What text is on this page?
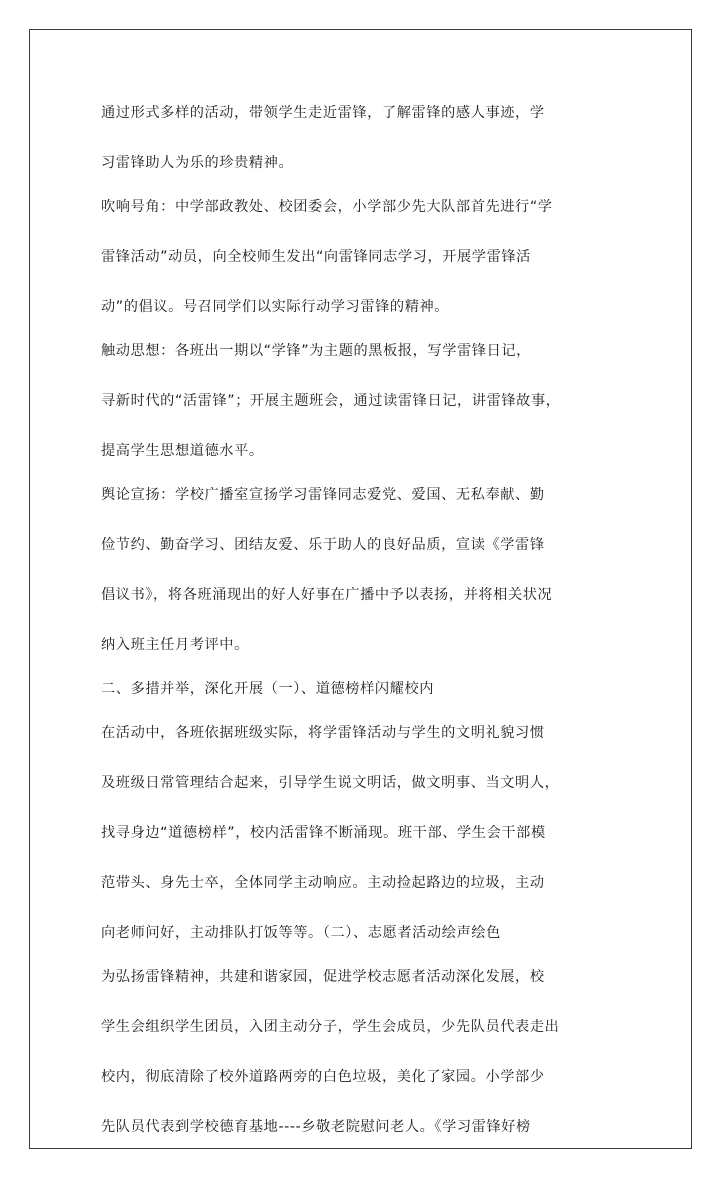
通过形式多样的活动，带领学生走近雷锋，了解雷锋的感人事迹，学
习雷锋助人为乐的珍贵精神。
吹响号角：中学部政教处、校团委会，小学部少先大队部首先进行“学
雷锋活动”动员，向全校师生发出“向雷锋同志学习，开展学雷锋活
动”的倡议。号召同学们以实际行动学习雷锋的精神。
触动思想：各班出一期以“学锋”为主题的黑板报，写学雷锋日记，
寻新时代的“活雷锋”；开展主题班会，通过读雷锋日记，讲雷锋故事，
提高学生思想道德水平。
舆论宣扬：学校广播室宣扬学习雷锋同志爱党、爱国、无私奉献、勤
俭节约、勤奋学习、团结友爱、乐于助人的良好品质，宣读《学雷锋
倡议书》，将各班涌现出的好人好事在广播中予以表扬，并将相关状况
纳入班主任月考评中。
二、多措并举，深化开展（一）、道德榜样闪耀校内
在活动中，各班依据班级实际，将学雷锋活动与学生的文明礼貌习惯
及班级日常管理结合起来，引导学生说文明话，做文明事、当文明人，
找寻身边“道德榜样”，校内活雷锋不断涌现。班干部、学生会干部模
范带头、身先士卒，全体同学主动响应。主动捡起路边的垃圾，主动
向老师问好，主动排队打饭等等。（二）、志愿者活动绘声绘色
为弘扬雷锋精神，共建和谐家园，促进学校志愿者活动深化发展，校
学生会组织学生团员，入团主动分子，学生会成员，少先队员代表走出
校内，彻底清除了校外道路两旁的白色垃圾，美化了家园。小学部少
先队员代表到学校德育基地----乡敬老院慰问老人。《学习雷锋好榜
